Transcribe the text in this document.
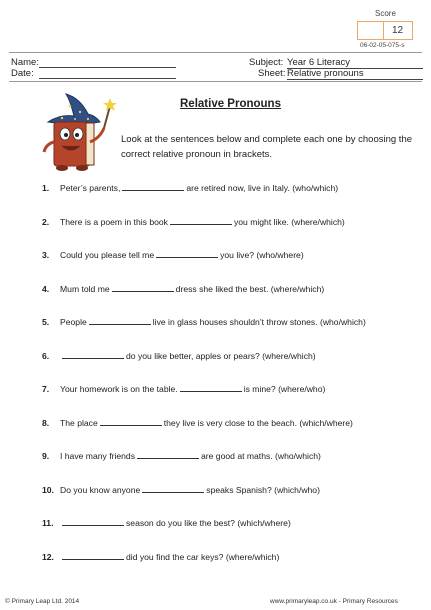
Score
12
06-02-05-075-s
Name:
Date:
Subject: Year 6 Literacy
Sheet: Relative pronouns
Relative Pronouns
Look at the sentences below and complete each one by choosing the correct relative pronoun in brackets.
1. Peter’s parents,	are retired now, live in Italy. (who/which)
2. There is a poem in this book	you might like. (where/which)
3. Could you please tell me	you live? (who/where)
4. Mum told me	dress she liked the best. (where/which)
5. People	live in glass houses shouldn’t throw stones. (who/which)
6.	do you like better, apples or pears? (where/which)
7. Your homework is on the table.	is mine? (where/who)
8. The place	they live is very close to the beach. (which/where)
9. I have many friends	are good at maths. (who/which)
10. Do you know anyone	speaks Spanish? (which/who)
11.	season do you like the best? (which/where)
12.	did you find the car keys? (where/which)
© Primary Leap Ltd. 2014	www.primaryleap.co.uk - Primary Resources
